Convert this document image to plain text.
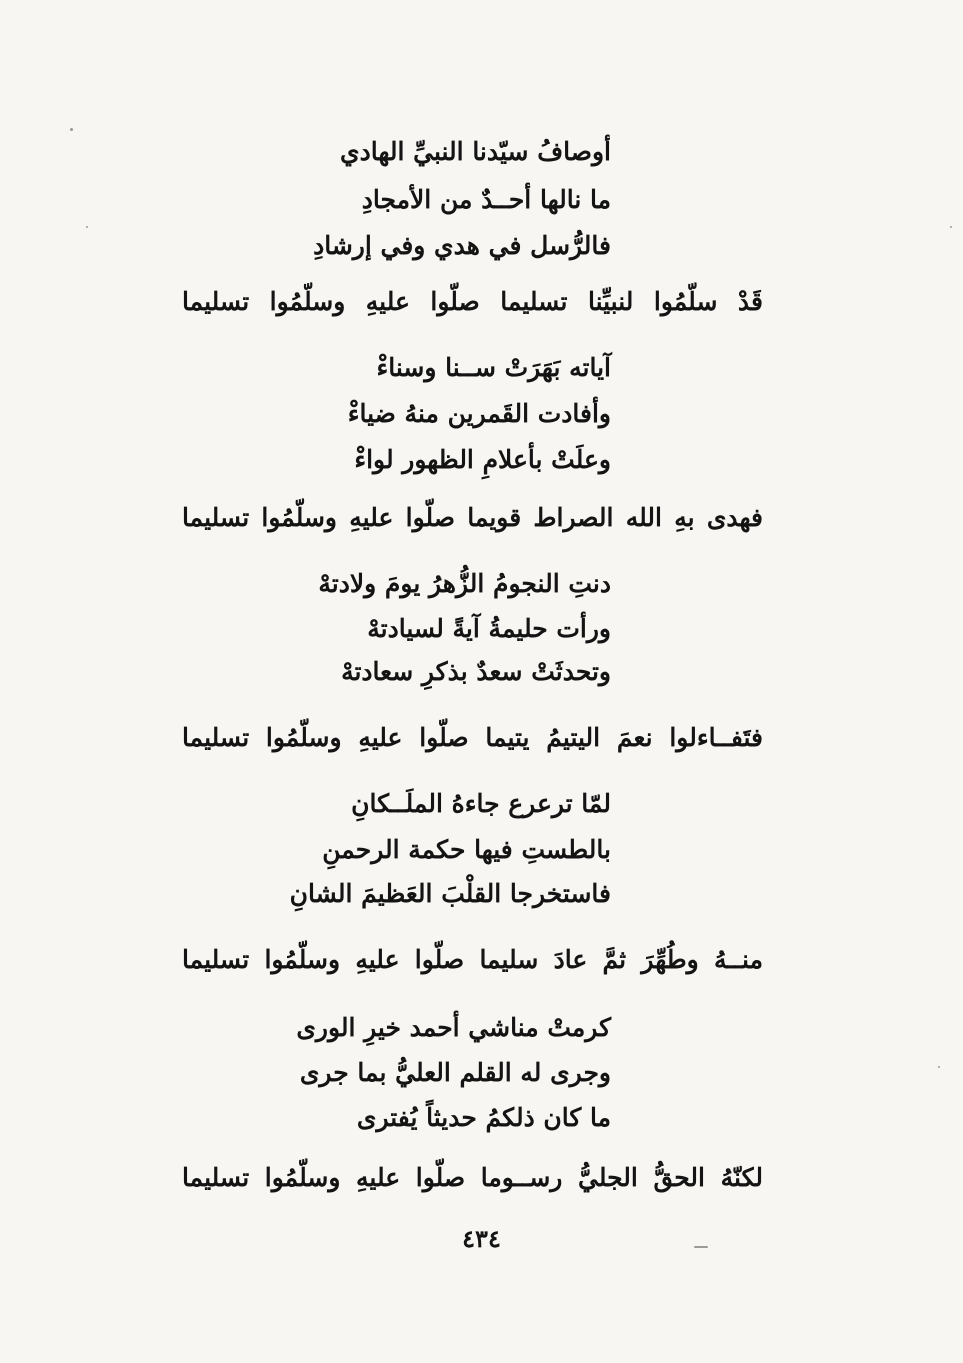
أوصافُ سيّدنا النبيِّ الهادي
ما نالها أحــدٌ من الأمجادِ
فالرُّسل في هدي وفي إرشادِ
قَدْ سلّمُوا لنبيِّنا تسليما صلّوا عليهِ وسلّمُوا تسليما
آياته بَهَرَتْ ســنا وسناءْ
وأفادت القَمرين منهُ ضياءْ
وعلَتْ بأعلامِ الظهور لواءْ
فهدى بهِ الله الصراط قويما صلّوا عليهِ وسلّمُوا تسليما
دنتِ النجومُ الزُّهرُ يومَ ولادتهْ
ورأت حليمةُ آيةً لسيادتهْ
وتحدثَتْ سعدٌ بذكرِ سعادتهْ
فتَفــاءلوا نعمَ اليتيمُ يتيما صلّوا عليهِ وسلّمُوا تسليما
لمّا ترعرع جاءهُ الملَــكانِ
بالطستِ فيها حكمة الرحمنِ
فاستخرجا القلْبَ العَظيمَ الشانِ
منــهُ وطُهِّرَ ثمَّ عادَ سليما صلّوا عليهِ وسلّمُوا تسليما
كرمتْ مناشي أحمد خيرِ الورى
وجرى له القلم العليُّ بما جرى
ما كان ذلكمُ حديثاً يُفترى
لكنّهُ الحقُّ الجليُّ رســوما صلّوا عليهِ وسلّمُوا تسليما
٤٣٤
